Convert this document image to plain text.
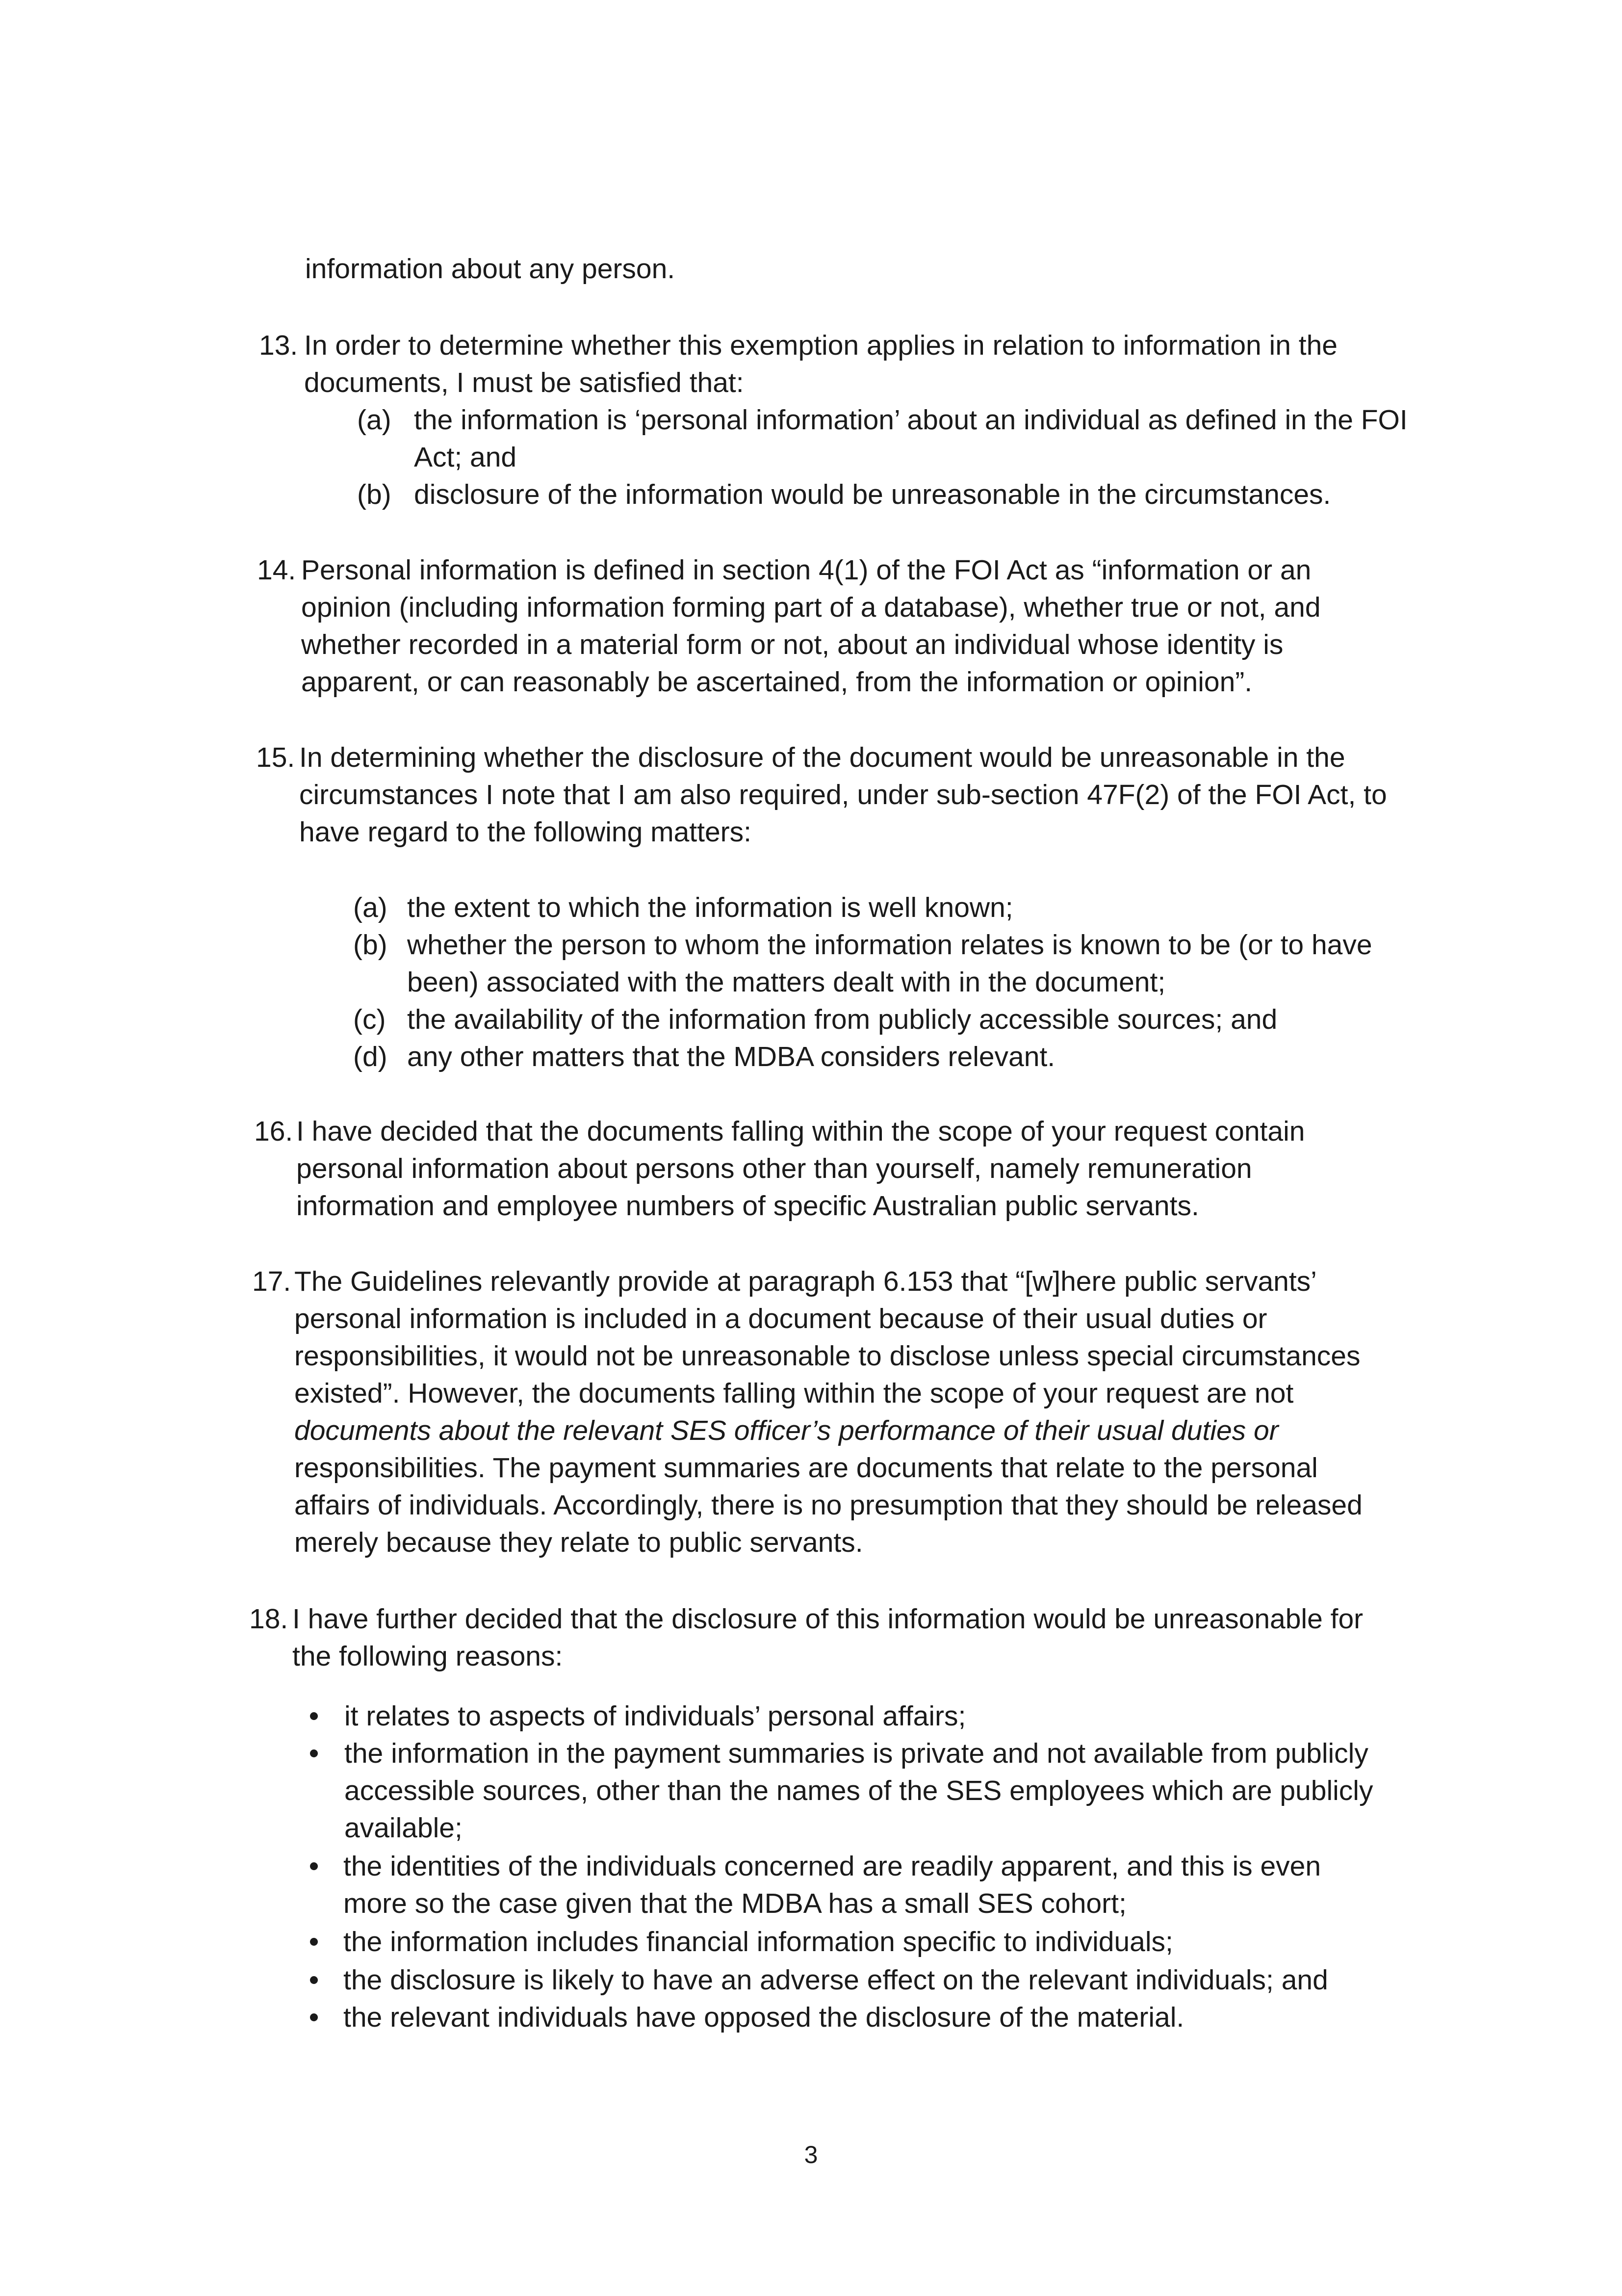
information about any person.
13. In order to determine whether this exemption applies in relation to information in the
documents, I must be satisfied that:
(a) the information is ‘personal information’ about an individual as defined in the FOI
Act; and
(b) disclosure of the information would be unreasonable in the circumstances.
14. Personal information is defined in section 4(1) of the FOI Act as “information or an
opinion (including information forming part of a database), whether true or not, and
whether recorded in a material form or not, about an individual whose identity is
apparent, or can reasonably be ascertained, from the information or opinion”.
15. In determining whether the disclosure of the document would be unreasonable in the
circumstances I note that I am also required, under sub-section 47F(2) of the FOI Act, to
have regard to the following matters:
(a) the extent to which the information is well known;
(b) whether the person to whom the information relates is known to be (or to have
been) associated with the matters dealt with in the document;
(c) the availability of the information from publicly accessible sources; and
(d) any other matters that the MDBA considers relevant.
16. I have decided that the documents falling within the scope of your request contain
personal information about persons other than yourself, namely remuneration
information and employee numbers of specific Australian public servants.
17. The Guidelines relevantly provide at paragraph 6.153 that “[w]here public servants’
personal information is included in a document because of their usual duties or
responsibilities, it would not be unreasonable to disclose unless special circumstances
existed”. However, the documents falling within the scope of your request are not
documents about the relevant SES officer’s performance of their usual duties or
responsibilities. The payment summaries are documents that relate to the personal
affairs of individuals. Accordingly, there is no presumption that they should be released
merely because they relate to public servants.
18. I have further decided that the disclosure of this information would be unreasonable for
the following reasons:
it relates to aspects of individuals’ personal affairs;
the information in the payment summaries is private and not available from publicly
accessible sources, other than the names of the SES employees which are publicly
available;
the identities of the individuals concerned are readily apparent, and this is even
more so the case given that the MDBA has a small SES cohort;
the information includes financial information specific to individuals;
the disclosure is likely to have an adverse effect on the relevant individuals; and
the relevant individuals have opposed the disclosure of the material.
3
